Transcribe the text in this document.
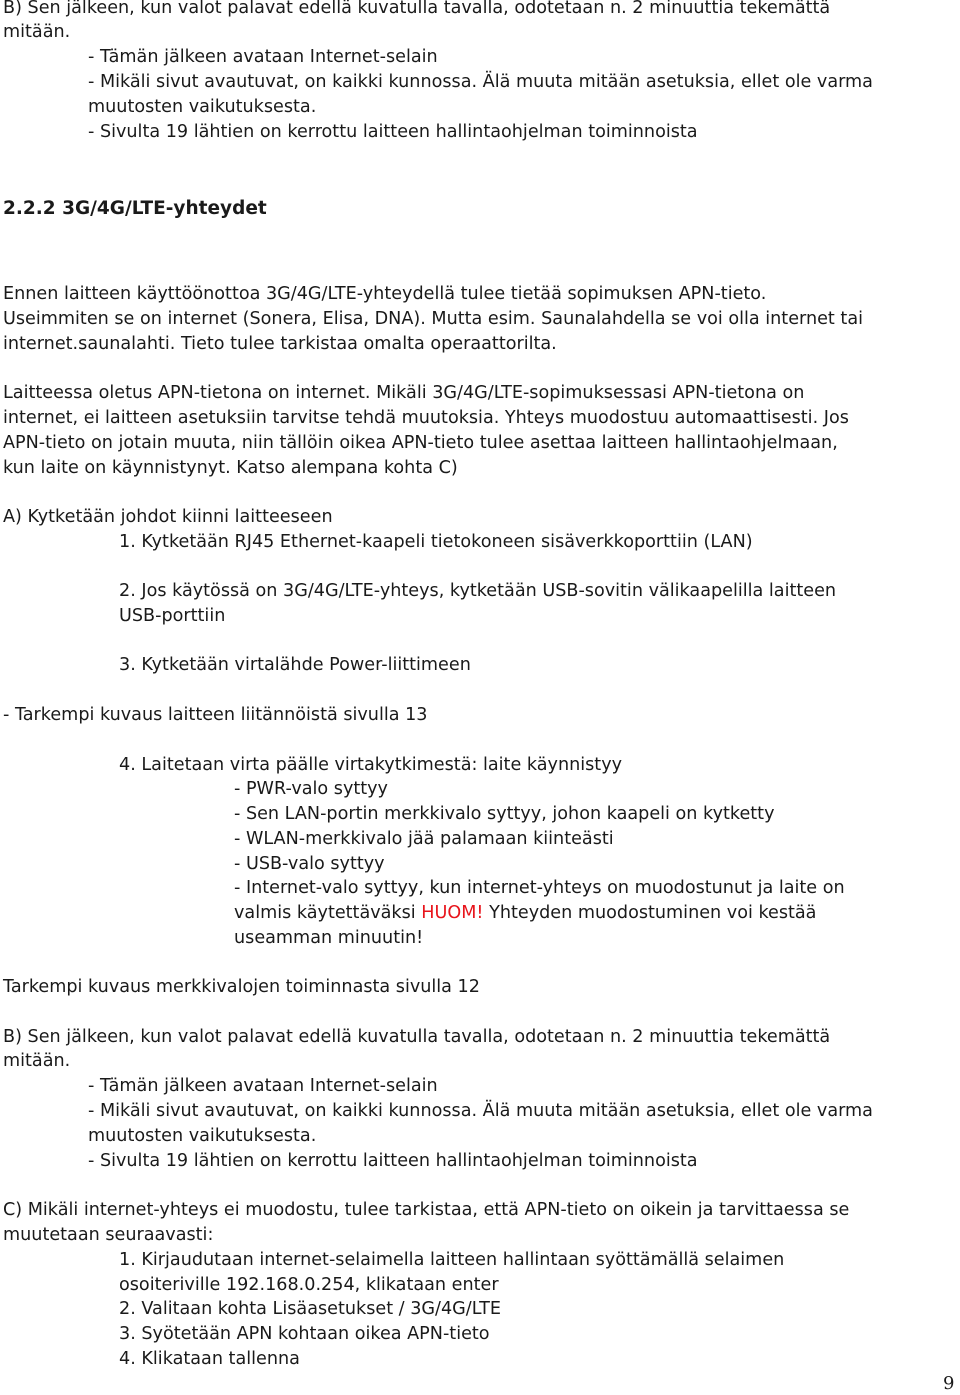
B) Sen jälkeen, kun valot palavat edellä kuvatulla tavalla, odotetaan n. 2 minuuttia tekemättä
mitään.
- Tämän jälkeen avataan Internet-selain
- Mikäli sivut avautuvat, on kaikki kunnossa. Älä muuta mitään asetuksia, ellet ole varma
muutosten vaikutuksesta.
- Sivulta 19 lähtien on kerrottu laitteen hallintaohjelman toiminnoista
2.2.2 3G/4G/LTE-yhteydet
Ennen laitteen käyttöönottoa 3G/4G/LTE-yhteydellä tulee tietää sopimuksen APN-tieto.
Useimmiten se on internet (Sonera, Elisa, DNA). Mutta esim. Saunalahdella se voi olla internet tai
internet.saunalahti. Tieto tulee tarkistaa omalta operaattorilta.
Laitteessa oletus APN-tietona on internet. Mikäli 3G/4G/LTE-sopimuksessasi APN-tietona on
internet, ei laitteen asetuksiin tarvitse tehdä muutoksia. Yhteys muodostuu automaattisesti. Jos
APN-tieto on jotain muuta, niin tällöin oikea APN-tieto tulee asettaa laitteen hallintaohjelmaan,
kun laite on käynnistynyt. Katso alempana kohta C)
A) Kytketään johdot kiinni laitteeseen
1. Kytketään RJ45 Ethernet-kaapeli tietokoneen sisäverkkoporttiin (LAN)
2. Jos käytössä on 3G/4G/LTE-yhteys, kytketään USB-sovitin välikaapelilla laitteen
USB-porttiin
3. Kytketään virtalähde Power-liittimeen
- Tarkempi kuvaus laitteen liitännöistä sivulla 13
4. Laitetaan virta päälle virtakytkimestä: laite käynnistyy
- PWR-valo syttyy
- Sen LAN-portin merkkivalo syttyy, johon kaapeli on kytketty
- WLAN-merkkivalo jää palamaan kiinteästi
- USB-valo syttyy
- Internet-valo syttyy, kun internet-yhteys on muodostunut ja laite on
valmis käytettäväksi HUOM! Yhteyden muodostuminen voi kestää
useamman minuutin!
Tarkempi kuvaus merkkivalojen toiminnasta sivulla 12
B) Sen jälkeen, kun valot palavat edellä kuvatulla tavalla, odotetaan n. 2 minuuttia tekemättä
mitään.
- Tämän jälkeen avataan Internet-selain
- Mikäli sivut avautuvat, on kaikki kunnossa. Älä muuta mitään asetuksia, ellet ole varma
muutosten vaikutuksesta.
- Sivulta 19 lähtien on kerrottu laitteen hallintaohjelman toiminnoista
C) Mikäli internet-yhteys ei muodostu, tulee tarkistaa, että APN-tieto on oikein ja tarvittaessa se
muutetaan seuraavasti:
1. Kirjaudutaan internet-selaimella laitteen hallintaan syöttämällä selaimen
osoiteriville 192.168.0.254, klikataan enter
2. Valitaan kohta Lisäasetukset / 3G/4G/LTE
3. Syötetään APN kohtaan oikea APN-tieto
4. Klikataan tallenna
9
